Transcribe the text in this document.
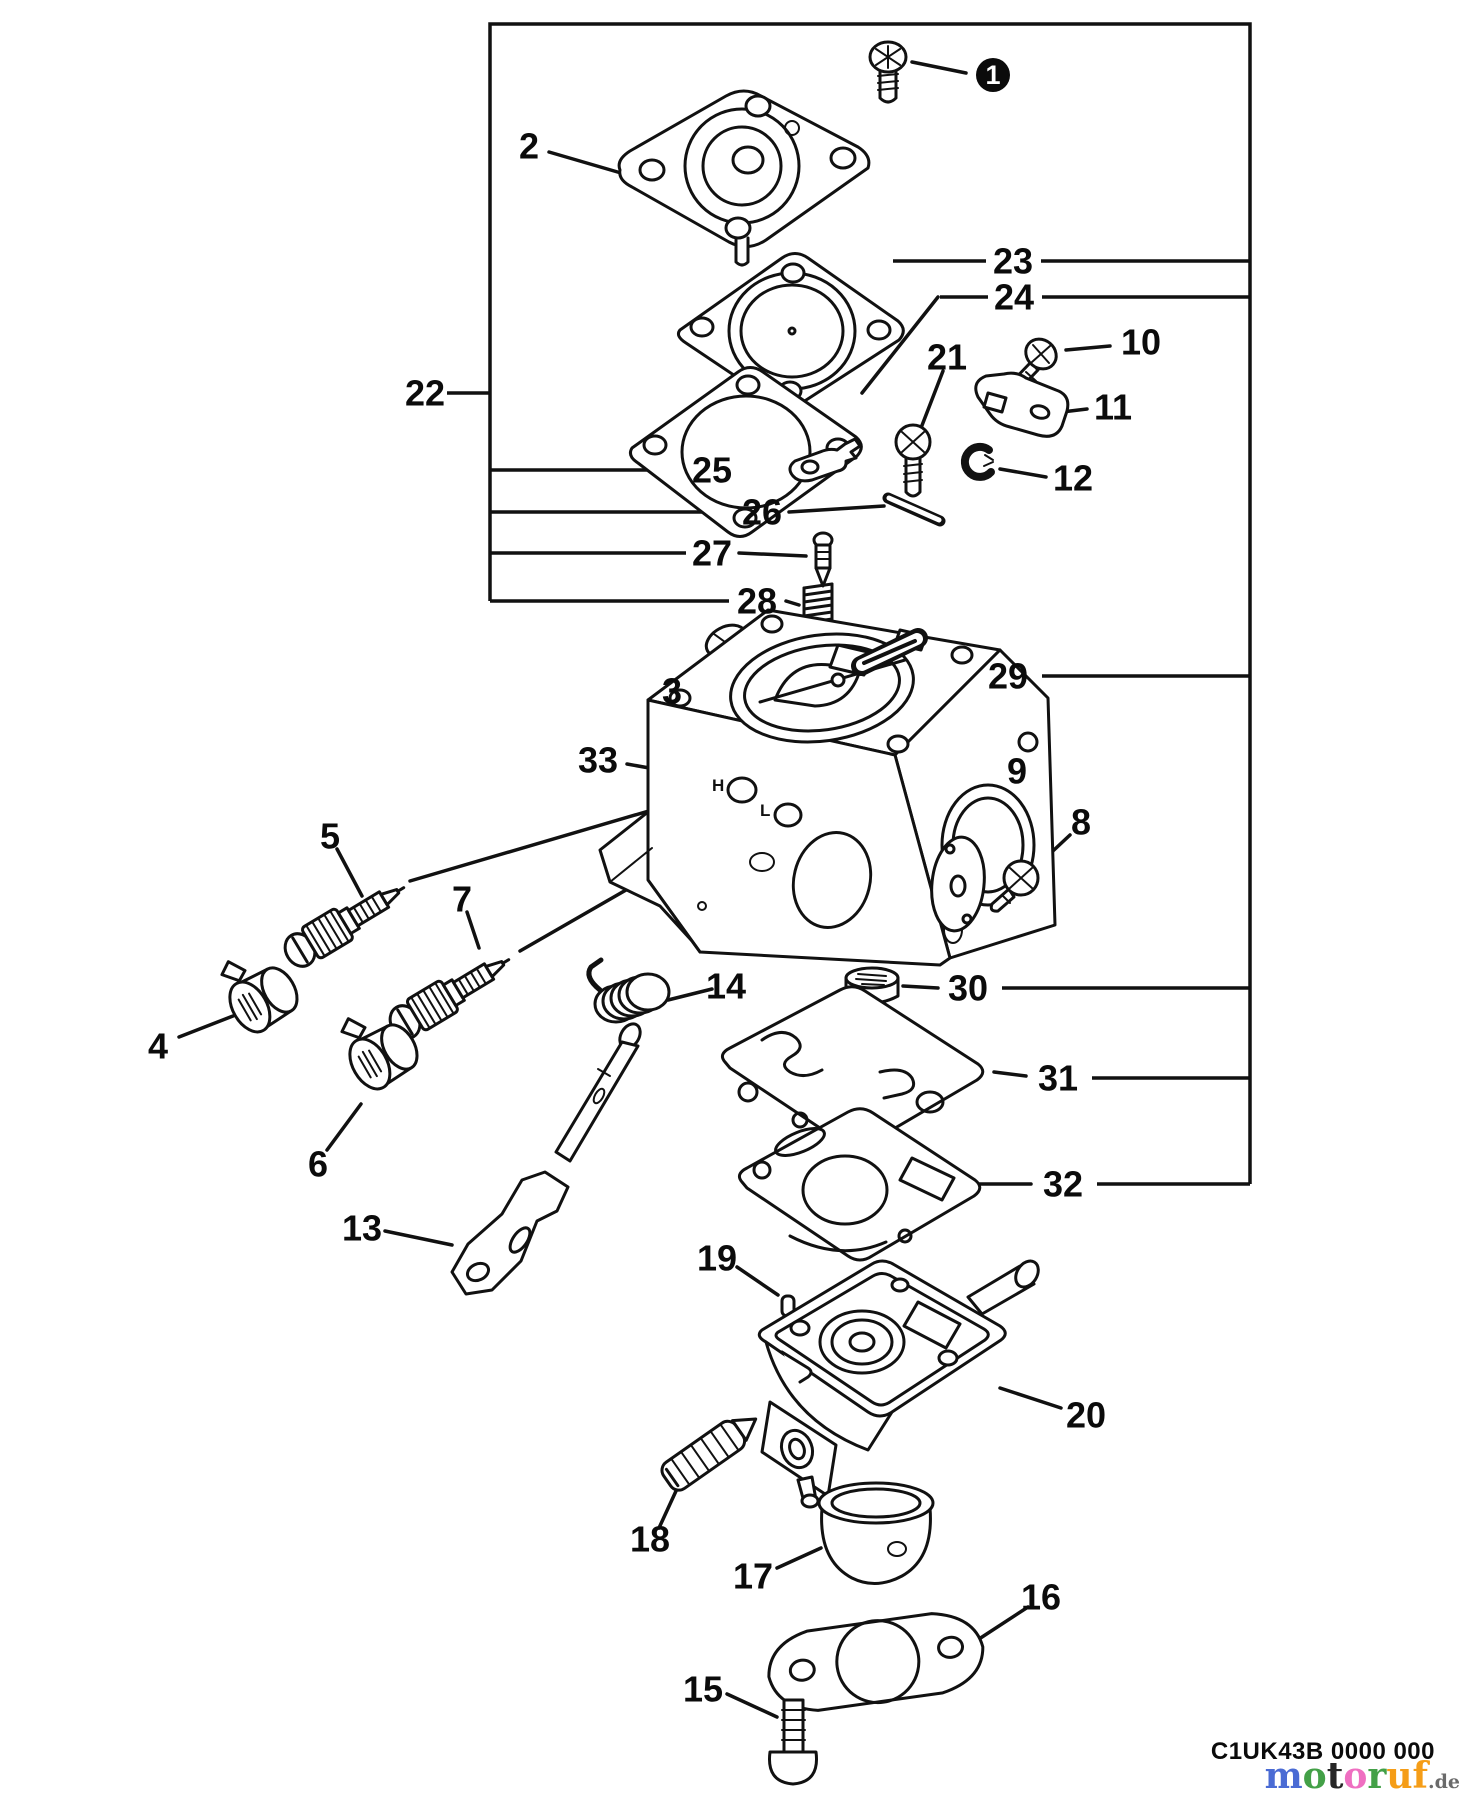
H
L
1
2
3
4
5
6
7
8
9
10
11
12
13
14
15
16
17
18
19
20
21
22
23
24
25
26
27
28
29
30
31
32
33
C1UK43B 0000 000
motoruf.de
